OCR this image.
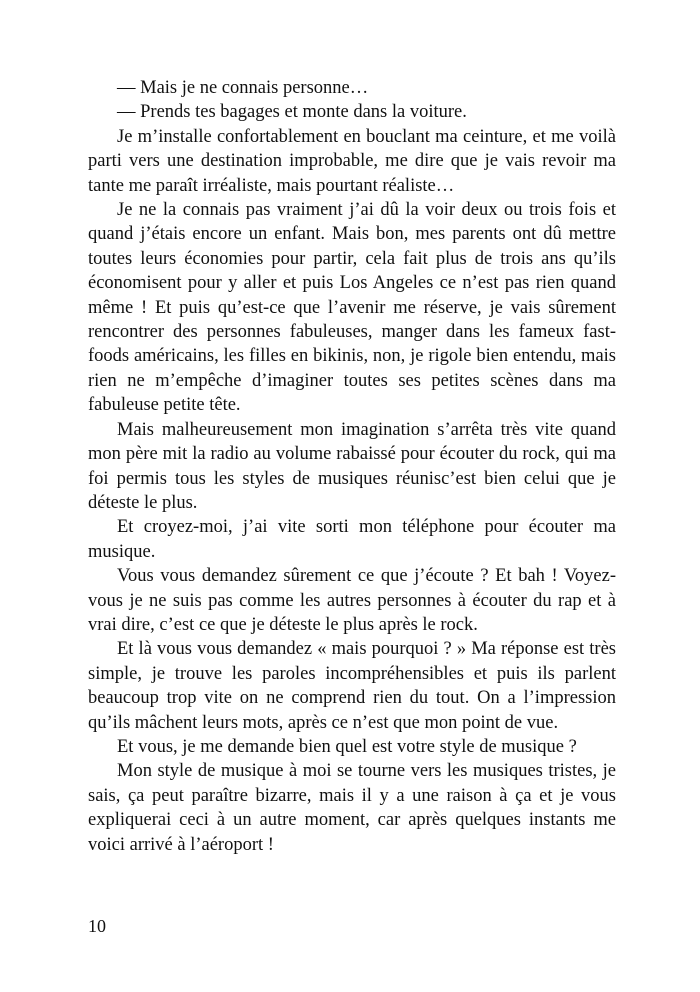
— Mais je ne connais personne…

— Prends tes bagages et monte dans la voiture.

Je m’installe confortablement en bouclant ma ceinture, et me voilà parti vers une destination improbable, me dire que je vais revoir ma tante me paraît irréaliste, mais pourtant réaliste…

Je ne la connais pas vraiment j’ai dû la voir deux ou trois fois et quand j’étais encore un enfant. Mais bon, mes parents ont dû mettre toutes leurs économies pour partir, cela fait plus de trois ans qu’ils économisent pour y aller et puis Los Angeles ce n’est pas rien quand même ! Et puis qu’est-ce que l’avenir me réserve, je vais sûrement rencontrer des personnes fabuleuses, manger dans les fameux fast-foods américains, les filles en bikinis, non, je rigole bien entendu, mais rien ne m’empêche d’imaginer toutes ses petites scènes dans ma fabuleuse petite tête.

Mais malheureusement mon imagination s’arrêta très vite quand mon père mit la radio au volume rabaissé pour écouter du rock, qui ma foi permis tous les styles de musiques réunisc’est bien celui que je déteste le plus.

Et croyez-moi, j’ai vite sorti mon téléphone pour écouter ma musique.

Vous vous demandez sûrement ce que j’écoute ? Et bah ! Voyez-vous je ne suis pas comme les autres personnes à écouter du rap et à vrai dire, c’est ce que je déteste le plus après le rock.

Et là vous vous demandez « mais pourquoi ? » Ma réponse est très simple, je trouve les paroles incompréhensibles et puis ils parlent beaucoup trop vite on ne comprend rien du tout. On a l’impression qu’ils mâchent leurs mots, après ce n’est que mon point de vue.

Et vous, je me demande bien quel est votre style de musique ?

Mon style de musique à moi se tourne vers les musiques tristes, je sais, ça peut paraître bizarre, mais il y a une raison à ça et je vous expliquerai ceci à un autre moment, car après quelques instants me voici arrivé à l’aéroport !

10
